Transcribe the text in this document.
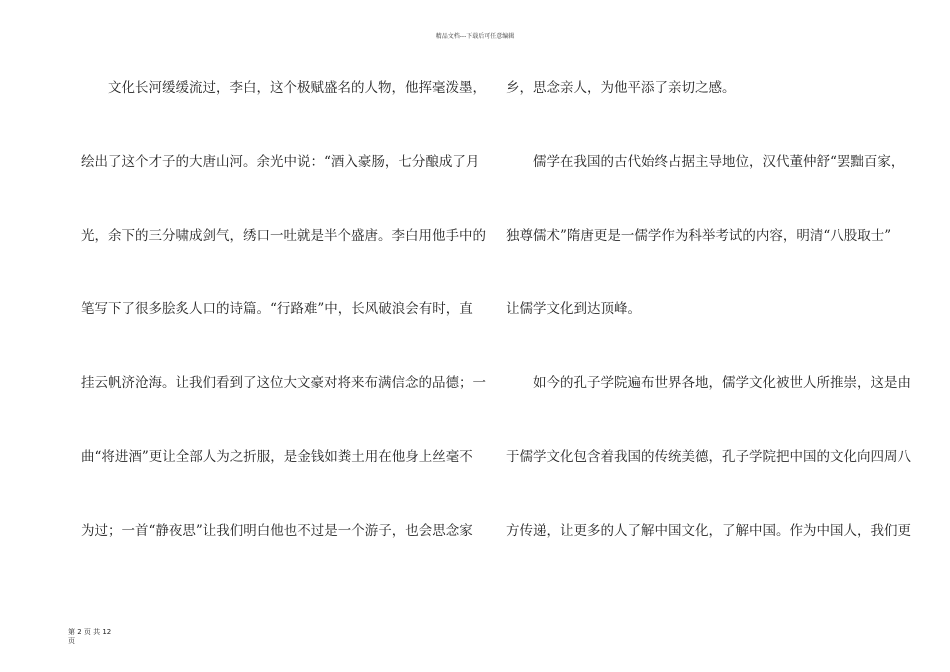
精品文档---下载后可任意编辑
文化长河缓缓流过，李白，这个极赋盛名的人物，他挥毫泼墨，
绘出了这个才子的大唐山河。余光中说：“酒入豪肠，七分酿成了月
光，余下的三分啸成剑气，绣口一吐就是半个盛唐。李白用他手中的
笔写下了很多脍炙人口的诗篇。“行路难”中，长风破浪会有时，直
挂云帆济沧海。让我们看到了这位大文豪对将来布满信念的品德；一
曲“将进酒”更让全部人为之折服，是金钱如粪土用在他身上丝毫不
为过；一首“静夜思”让我们明白他也不过是一个游子，也会思念家
乡，思念亲人，为他平添了亲切之感。
儒学在我国的古代始终占据主导地位，汉代董仲舒“罢黜百家，
独尊儒术”隋唐更是一儒学作为科举考试的内容，明清“八股取士”
让儒学文化到达顶峰。
如今的孔子学院遍布世界各地，儒学文化被世人所推崇，这是由
于儒学文化包含着我国的传统美德，孔子学院把中国的文化向四周八
方传递，让更多的人了解中国文化，了解中国。作为中国人，我们更
第 2 页 共 12 页
